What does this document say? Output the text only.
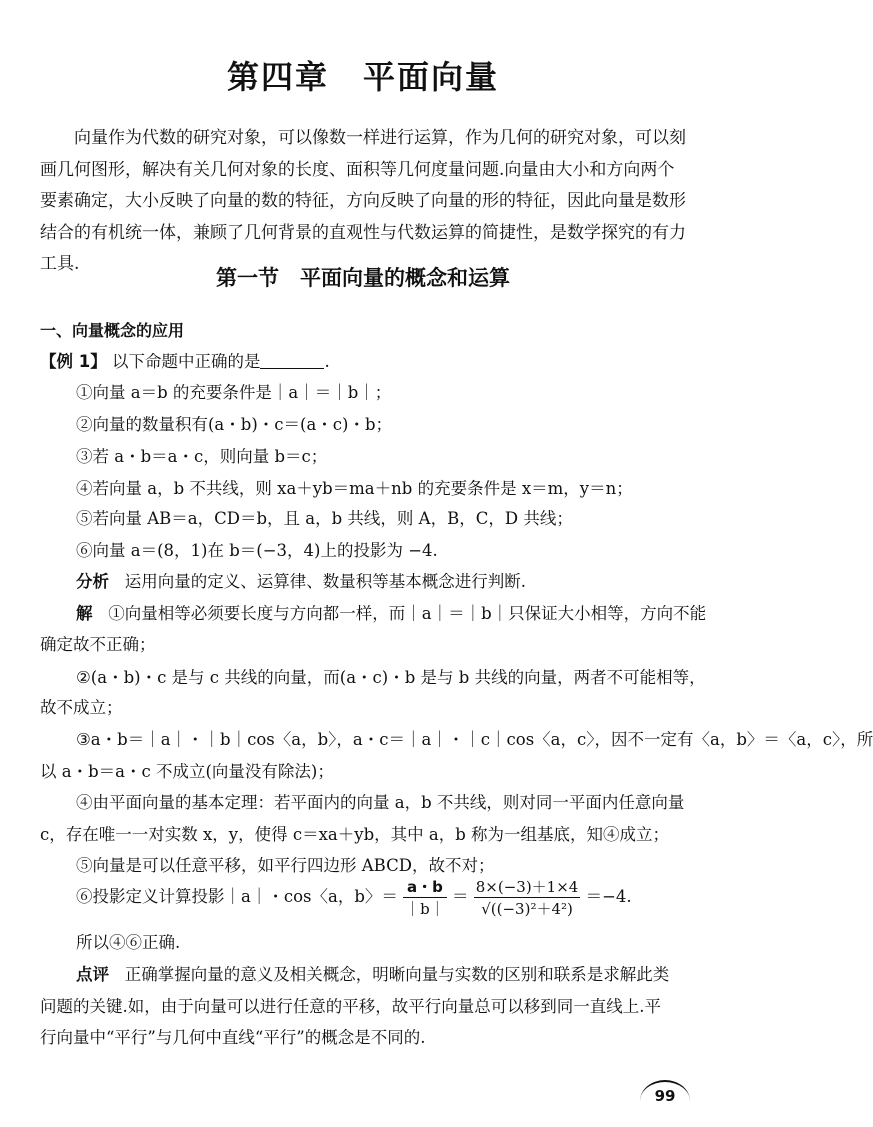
第四章　平面向量
向量作为代数的研究对象，可以像数一样进行运算，作为几何的研究对象，可以刻画几何图形，解决有关几何对象的长度、面积等几何度量问题.向量由大小和方向两个要素确定，大小反映了向量的数的特征，方向反映了向量的形的特征，因此向量是数形结合的有机统一体，兼顾了几何背景的直观性与代数运算的简捷性，是数学探究的有力工具.
第一节　平面向量的概念和运算
一、向量概念的应用
【例 1】 以下命题中正确的是	.
①向量 a＝b 的充要条件是｜a｜＝｜b｜；
②向量的数量积有(a・b)・c＝(a・c)・b；
③若 a・b＝a・c，则向量 b＝c；
④若向量 a，b 不共线，则 xa＋yb＝ma＋nb 的充要条件是 x＝m，y＝n；
⑤若向量 AB＝a，CD＝b，且 a，b 共线，则 A，B，C，D 共线；
⑥向量 a＝(8，1)在 b＝(−3，4)上的投影为 −4.
分析 运用向量的定义、运算律、数量积等基本概念进行判断.
解 ①向量相等必须要长度与方向都一样，而｜a｜＝｜b｜只保证大小相等，方向不能
确定故不正确；
②(a・b)・c 是与 c 共线的向量，而(a・c)・b 是与 b 共线的向量，两者不可能相等，
故不成立；
③a・b＝｜a｜・｜b｜cos〈a，b〉，a・c＝｜a｜・｜c｜cos〈a，c〉，因不一定有〈a，b〉＝〈a，c〉，所
以 a・b＝a・c 不成立(向量没有除法)；
④由平面向量的基本定理：若平面内的向量 a，b 不共线，则对同一平面内任意向量
c，存在唯一一对实数 x，y，使得 c＝xa＋yb，其中 a，b 称为一组基底，知④成立；
⑤向量是可以任意平移，如平行四边形 ABCD，故不对；
⑥投影定义计算投影｜a｜・cos〈a，b〉＝ $\frac{a・b}{|b|} = \frac{8\times(-3)+1\times 4}{\text{√((−3)²＋4²)}} =-4$.
所以④⑥正确.
点评 正确掌握向量的意义及相关概念，明晰向量与实数的区别和联系是求解此类
问题的关键.如，由于向量可以进行任意的平移，故平行向量总可以移到同一直线上.平
行向量中“平行”与几何中直线“平行”的概念是不同的.
99
